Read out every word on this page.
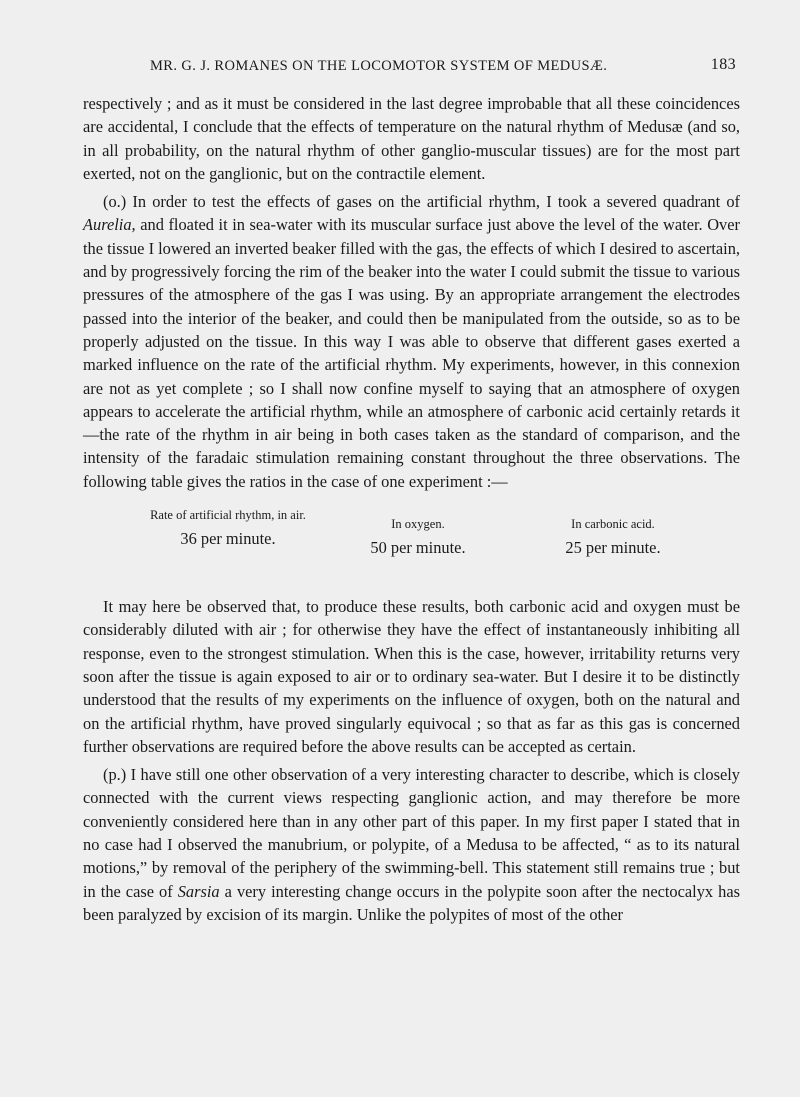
MR. G. J. ROMANES ON THE LOCOMOTOR SYSTEM OF MEDUSÆ.	183

respectively ; and as it must be considered in the last degree improbable that all these coincidences are accidental, I conclude that the effects of temperature on the natural rhythm of Medusæ (and so, in all probability, on the natural rhythm of other ganglio-muscular tissues) are for the most part exerted, not on the ganglionic, but on the contractile element.

(o.) In order to test the effects of gases on the artificial rhythm, I took a severed quadrant of Aurelia, and floated it in sea-water with its muscular surface just above the level of the water. Over the tissue I lowered an inverted beaker filled with the gas, the effects of which I desired to ascertain, and by progressively forcing the rim of the beaker into the water I could submit the tissue to various pressures of the atmosphere of the gas I was using. By an appropriate arrangement the electrodes passed into the interior of the beaker, and could then be manipulated from the outside, so as to be properly adjusted on the tissue. In this way I was able to observe that different gases exerted a marked influence on the rate of the artificial rhythm. My experiments, however, in this connexion are not as yet complete ; so I shall now confine myself to saying that an atmosphere of oxygen appears to accelerate the artificial rhythm, while an atmosphere of carbonic acid certainly retards it—the rate of the rhythm in air being in both cases taken as the standard of comparison, and the intensity of the faradaic stimulation remaining constant throughout the three observations. The following table gives the ratios in the case of one experiment :—

Rate of artificial rhythm, in air.
36 per minute.
In oxygen.
50 per minute.
In carbonic acid.
25 per minute.

It may here be observed that, to produce these results, both carbonic acid and oxygen must be considerably diluted with air ; for otherwise they have the effect of instantaneously inhibiting all response, even to the strongest stimulation. When this is the case, however, irritability returns very soon after the tissue is again exposed to air or to ordinary sea-water. But I desire it to be distinctly understood that the results of my experiments on the influence of oxygen, both on the natural and on the artificial rhythm, have proved singularly equivocal ; so that as far as this gas is concerned further observations are required before the above results can be accepted as certain.

(p.) I have still one other observation of a very interesting character to describe, which is closely connected with the current views respecting ganglionic action, and may therefore be more conveniently considered here than in any other part of this paper. In my first paper I stated that in no case had I observed the manubrium, or polypite, of a Medusa to be affected, “ as to its natural motions,” by removal of the periphery of the swimming-bell. This statement still remains true ; but in the case of Sarsia a very interesting change occurs in the polypite soon after the nectocalyx has been paralyzed by excision of its margin. Unlike the polypites of most of the other
